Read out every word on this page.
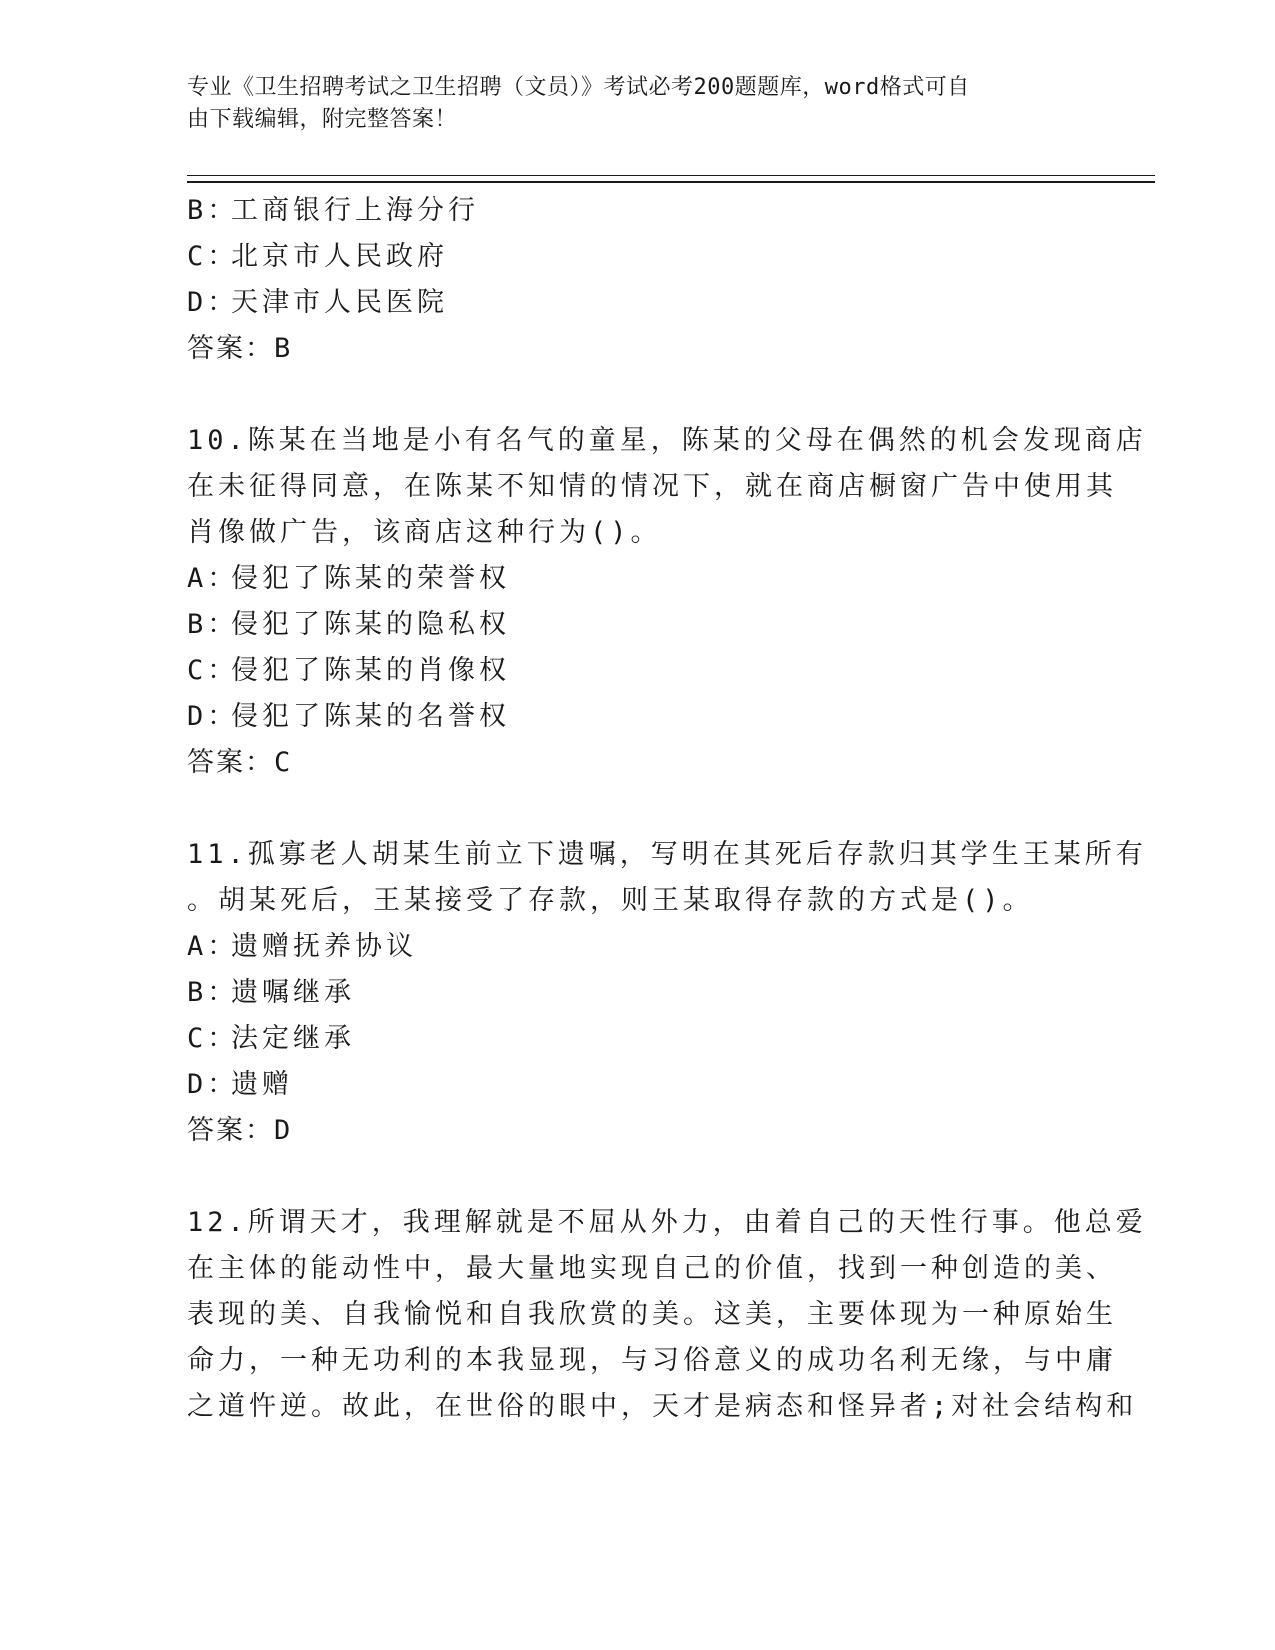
专业《卫生招聘考试之卫生招聘（文员）》考试必考200题题库，word格式可自
由下载编辑，附完整答案！
B：工商银行上海分行
C：北京市人民政府
D：天津市人民医院
答案：B
10.陈某在当地是小有名气的童星，陈某的父母在偶然的机会发现商店
在未征得同意，在陈某不知情的情况下，就在商店橱窗广告中使用其
肖像做广告，该商店这种行为()。
A：侵犯了陈某的荣誉权
B：侵犯了陈某的隐私权
C：侵犯了陈某的肖像权
D：侵犯了陈某的名誉权
答案：C
11.孤寡老人胡某生前立下遗嘱，写明在其死后存款归其学生王某所有
。胡某死后，王某接受了存款，则王某取得存款的方式是()。
A：遗赠抚养协议
B：遗嘱继承
C：法定继承
D：遗赠
答案：D
12.所谓天才，我理解就是不屈从外力，由着自己的天性行事。他总爱
在主体的能动性中，最大量地实现自己的价值，找到一种创造的美、
表现的美、自我愉悦和自我欣赏的美。这美，主要体现为一种原始生
命力，一种无功利的本我显现，与习俗意义的成功名利无缘，与中庸
之道忤逆。故此，在世俗的眼中，天才是病态和怪异者;对社会结构和
